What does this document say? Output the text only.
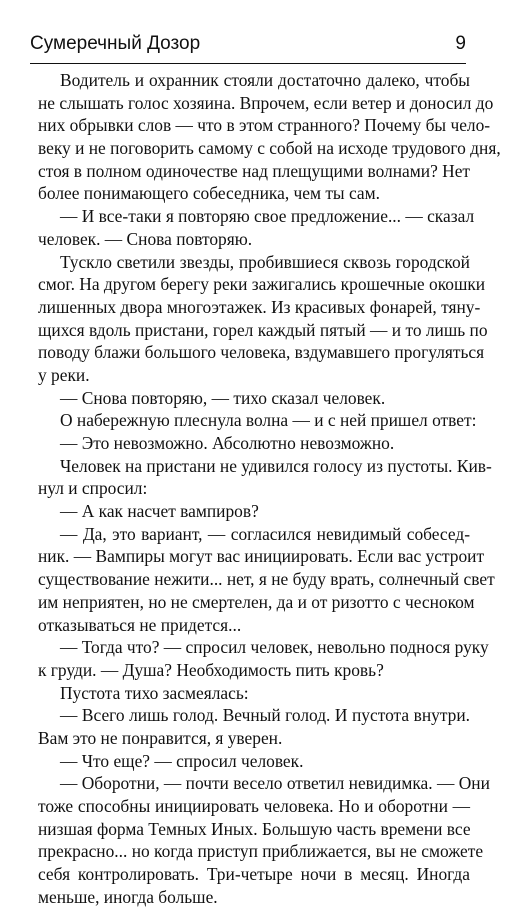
Сумеречный Дозор	9
Водитель и охранник стояли достаточно далеко, чтобы
не слышать голос хозяина. Впрочем, если ветер и доносил до
них обрывки слов — что в этом странного? Почему бы чело-
веку и не поговорить самому с собой на исходе трудового дня,
стоя в полном одиночестве над плещущими волнами? Нет
более понимающего собеседника, чем ты сам.
— И все-таки я повторяю свое предложение... — сказал
человек. — Снова повторяю.
Тускло светили звезды, пробившиеся сквозь городской
смог. На другом берегу реки зажигались крошечные окошки
лишенных двора многоэтажек. Из красивых фонарей, тяну-
щихся вдоль пристани, горел каждый пятый — и то лишь по
поводу блажи большого человека, вздумавшего прогуляться
у реки.
— Снова повторяю, — тихо сказал человек.
О набережную плеснула волна — и с ней пришел ответ:
— Это невозможно. Абсолютно невозможно.
Человек на пристани не удивился голосу из пустоты. Кив-
нул и спросил:
— А как насчет вампиров?
— Да, это вариант, — согласился невидимый собесед-
ник. — Вампиры могут вас инициировать. Если вас устроит
существование нежити... нет, я не буду врать, солнечный свет
им неприятен, но не смертелен, да и от ризотто с чесноком
отказываться не придется...
— Тогда что? — спросил человек, невольно поднося руку
к груди. — Душа? Необходимость пить кровь?
Пустота тихо засмеялась:
— Всего лишь голод. Вечный голод. И пустота внутри.
Вам это не понравится, я уверен.
— Что еще? — спросил человек.
— Оборотни, — почти весело ответил невидимка. — Они
тоже способны инициировать человека. Но и оборотни —
низшая форма Темных Иных. Большую часть времени все
прекрасно... но когда приступ приближается, вы не сможете
себя контролировать. Три-четыре ночи в месяц. Иногда
меньше, иногда больше.
